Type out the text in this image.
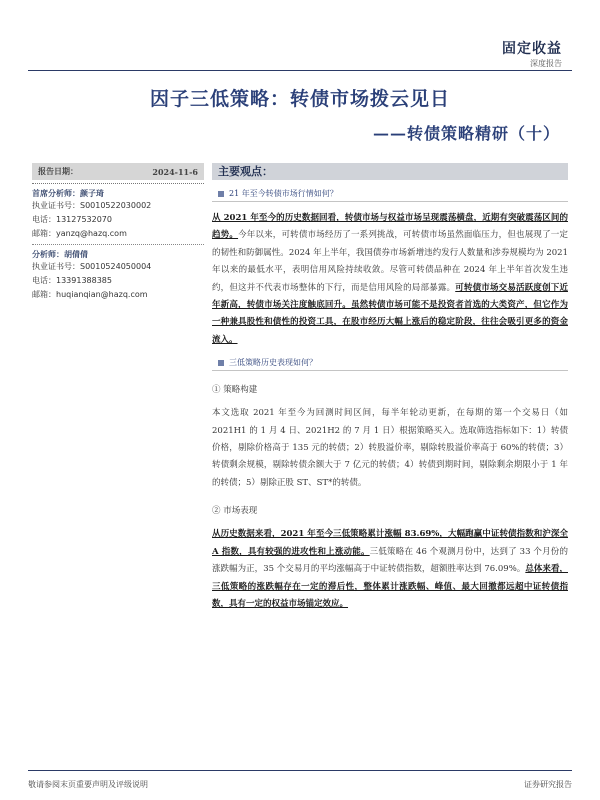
固定收益
深度报告
因子三低策略：转债市场拨云见日
——转债策略精研（十）
报告日期：	2024-11-6
首席分析师：颜子琦
执业证书号：S0010522030002
电话：13127532070
邮箱：yanzq@hazq.com
分析师：胡倩倩
执业证书号：S0010524050004
电话：13391388385
邮箱：huqianqian@hazq.com
主要观点：
21 年至今转债市场行情如何？
从 2021 年至今的历史数据回看，转债市场与权益市场呈现震荡横盘，近期有突破震荡区间的趋势。今年以来，可转债市场经历了一系列挑战，可转债市场虽然面临压力，但也展现了一定的韧性和防御属性。2024 年上半年，我国债券市场新增违约发行人数量和涉券规模均为 2021 年以来的最低水平，表明信用风险持续收敛。尽管可转债品种在 2024 年上半年首次发生违约，但这并不代表市场整体的下行，而是信用风险的局部暴露。可转债市场交易活跃度创下近年新高，转债市场关注度触底回升。虽然转债市场可能不是投资者首选的大类资产，但它作为一种兼具股性和债性的投资工具，在股市经历大幅上涨后的稳定阶段，往往会吸引更多的资金流入。
三低策略历史表现如何？
① 策略构建
本文选取 2021 年至今为回测时间区间，每半年轮动更新，在每期的第一个交易日（如 2021H1 的 1 月 4 日、2021H2 的 7 月 1 日）根据策略买入。选取筛选指标如下：1）转债价格，剔除价格高于 135 元的转债；2）转股溢价率，剔除转股溢价率高于 60%的转债；3）转债剩余规模，剔除转债余额大于 7 亿元的转债；4）转债到期时间，剔除剩余期限小于 1 年的转债；5）剔除正股 ST、ST*的转债。
② 市场表现
从历史数据来看，2021 年至今三低策略累计涨幅 83.69%，大幅跑赢中证转债指数和沪深全 A 指数，具有较强的进攻性和上涨动能。三低策略在 46 个观测月份中，达到了 33 个月份的涨跌幅为正，35 个交易月的平均涨幅高于中证转债指数，超额胜率达到 76.09%。总体来看，三低策略的涨跌幅存在一定的滞后性，整体累计涨跌幅、峰值、最大回撤都远超中证转债指数，具有一定的权益市场锚定效应。
敬请参阅末页重要声明及评级说明	证券研究报告
